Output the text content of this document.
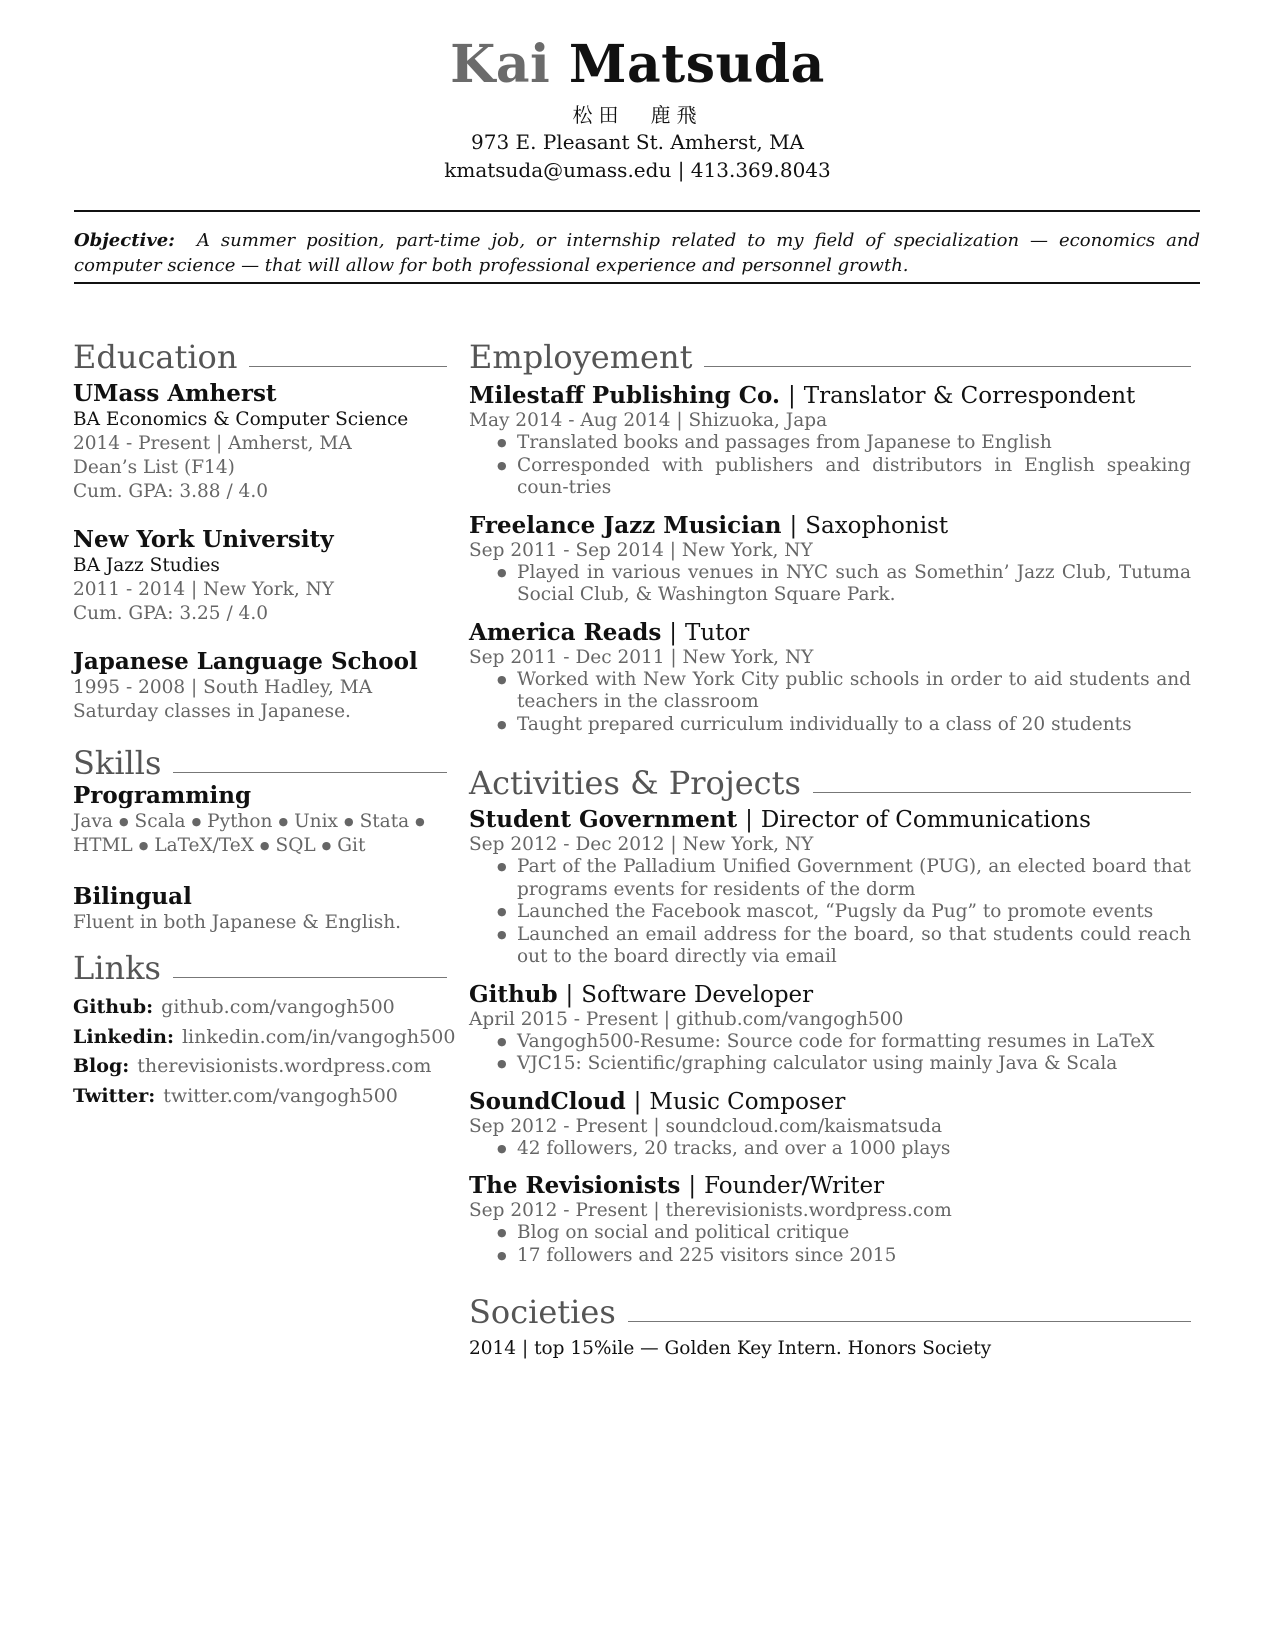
Kai Matsuda
松田　鹿飛
973 E. Pleasant St. Amherst, MA
kmatsuda@umass.edu | 413.369.8043
Objective: A summer position, part-time job, or internship related to my field of specialization — economics and computer science — that will allow for both professional experience and personnel growth.
Education
UMass Amherst
BA Economics & Computer Science
2014 - Present | Amherst, MA
Dean’s List (F14)
Cum. GPA: 3.88 / 4.0
New York University
BA Jazz Studies
2011 - 2014 | New York, NY
Cum. GPA: 3.25 / 4.0
Japanese Language School
1995 - 2008 | South Hadley, MA
Saturday classes in Japanese.
Skills
Programming
Java ● Scala ● Python ● Unix ● Stata ●
HTML ● LaTeX/TeX ● SQL ● Git
Bilingual
Fluent in both Japanese & English.
Links
Github: github.com/vangogh500
Linkedin: linkedin.com/in/vangogh500
Blog: therevisionists.wordpress.com
Twitter: twitter.com/vangogh500
Employement
Milestaff Publishing Co. | Translator & Correspondent
May 2014 - Aug 2014 | Shizuoka, Japa
● Translated books and passages from Japanese to English
● Corresponded with publishers and distributors in English speaking coun-tries
Freelance Jazz Musician | Saxophonist
Sep 2011 - Sep 2014 | New York, NY
● Played in various venues in NYC such as Somethin’ Jazz Club, Tutuma Social Club, & Washington Square Park.
America Reads | Tutor
Sep 2011 - Dec 2011 | New York, NY
● Worked with New York City public schools in order to aid students and teachers in the classroom
● Taught prepared curriculum individually to a class of 20 students
Activities & Projects
Student Government | Director of Communications
Sep 2012 - Dec 2012 | New York, NY
● Part of the Palladium Unified Government (PUG), an elected board that programs events for residents of the dorm
● Launched the Facebook mascot, “Pugsly da Pug” to promote events
● Launched an email address for the board, so that students could reach out to the board directly via email
Github | Software Developer
April 2015 - Present | github.com/vangogh500
● Vangogh500-Resume: Source code for formatting resumes in LaTeX
● VJC15: Scientific/graphing calculator using mainly Java & Scala
SoundCloud | Music Composer
Sep 2012 - Present | soundcloud.com/kaismatsuda
● 42 followers, 20 tracks, and over a 1000 plays
The Revisionists | Founder/Writer
Sep 2012 - Present | therevisionists.wordpress.com
● Blog on social and political critique
● 17 followers and 225 visitors since 2015
Societies
2014 | top 15%ile — Golden Key Intern. Honors Society
